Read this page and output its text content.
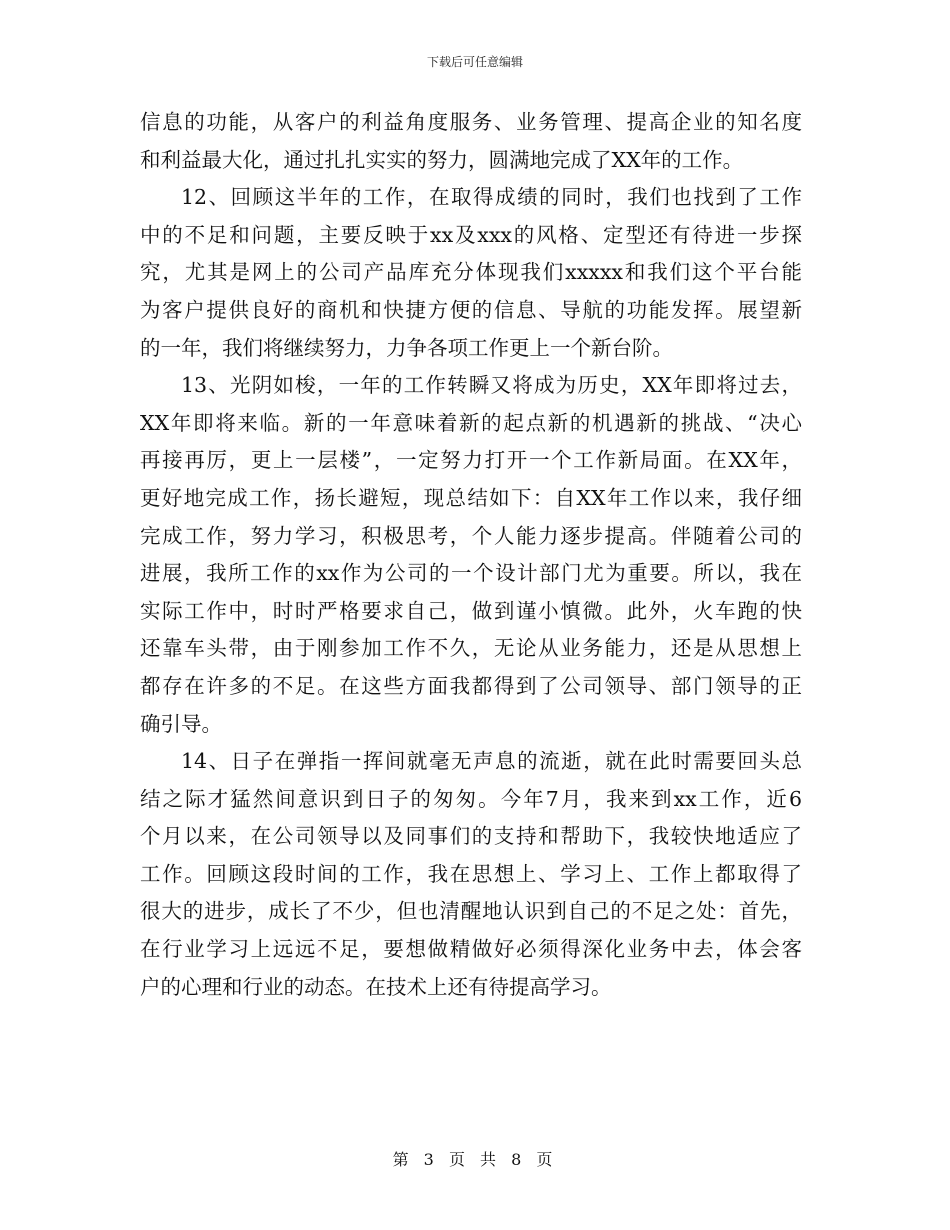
下载后可任意编辑
信息的功能，从客户的利益角度服务、业务管理、提高企业的知名度
和利益最大化，通过扎扎实实的努力，圆满地完成了XX年的工作。
12、回顾这半年的工作，在取得成绩的同时，我们也找到了工作
中的不足和问题，主要反映于xx及xxx的风格、定型还有待进一步探
究，尤其是网上的公司产品库充分体现我们xxxxx和我们这个平台能
为客户提供良好的商机和快捷方便的信息、导航的功能发挥。展望新
的一年，我们将继续努力，力争各项工作更上一个新台阶。
13、光阴如梭，一年的工作转瞬又将成为历史，XX年即将过去，
XX年即将来临。新的一年意味着新的起点新的机遇新的挑战、“决心
再接再厉，更上一层楼”，一定努力打开一个工作新局面。在XX年，
更好地完成工作，扬长避短，现总结如下：自XX年工作以来，我仔细
完成工作，努力学习，积极思考，个人能力逐步提高。伴随着公司的
进展，我所工作的xx作为公司的一个设计部门尤为重要。所以，我在
实际工作中，时时严格要求自己，做到谨小慎微。此外，火车跑的快
还靠车头带，由于刚参加工作不久，无论从业务能力，还是从思想上
都存在许多的不足。在这些方面我都得到了公司领导、部门领导的正
确引导。
14、日子在弹指一挥间就毫无声息的流逝，就在此时需要回头总
结之际才猛然间意识到日子的匆匆。今年7月，我来到xx工作，近6
个月以来，在公司领导以及同事们的支持和帮助下，我较快地适应了
工作。回顾这段时间的工作，我在思想上、学习上、工作上都取得了
很大的进步，成长了不少，但也清醒地认识到自己的不足之处：首先，
在行业学习上远远不足，要想做精做好必须得深化业务中去，体会客
户的心理和行业的动态。在技术上还有待提高学习。
第 3 页 共 8 页
